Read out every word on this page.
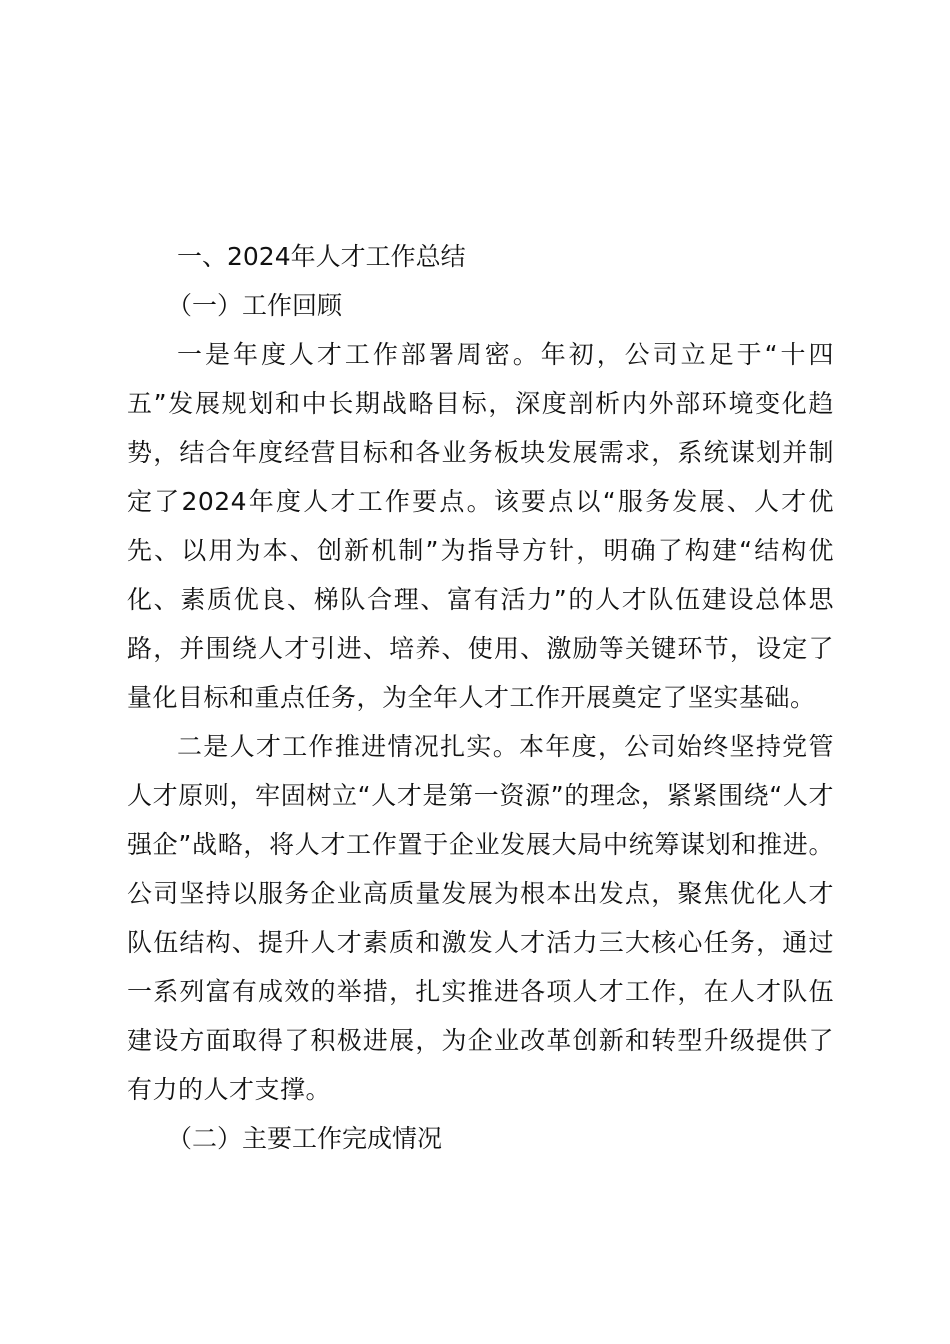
一、2024年人才工作总结
（一）工作回顾

一是年度人才工作部署周密。年初，公司立足于“十四五”发展规划和中长期战略目标，深度剖析内外部环境变化趋势，结合年度经营目标和各业务板块发展需求，系统谋划并制定了2024年度人才工作要点。该要点以“服务发展、人才优先、以用为本、创新机制”为指导方针，明确了构建“结构优化、素质优良、梯队合理、富有活力”的人才队伍建设总体思路，并围绕人才引进、培养、使用、激励等关键环节，设定了量化目标和重点任务，为全年人才工作开展奠定了坚实基础。

二是人才工作推进情况扎实。本年度，公司始终坚持党管人才原则，牢固树立“人才是第一资源”的理念，紧紧围绕“人才强企”战略，将人才工作置于企业发展大局中统筹谋划和推进。公司坚持以服务企业高质量发展为根本出发点，聚焦优化人才队伍结构、提升人才素质和激发人才活力三大核心任务，通过一系列富有成效的举措，扎实推进各项人才工作，在人才队伍建设方面取得了积极进展，为企业改革创新和转型升级提供了有力的人才支撑。

（二）主要工作完成情况
